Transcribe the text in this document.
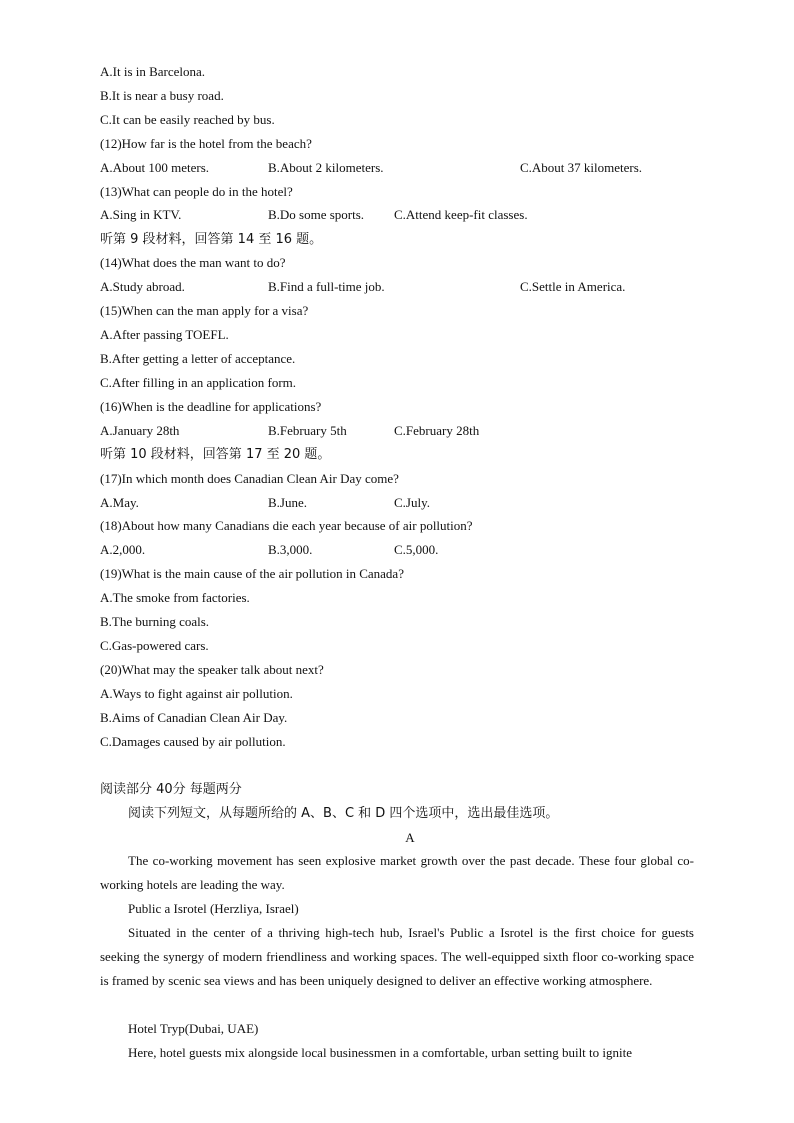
A.It is in Barcelona.
B.It is near a busy road.
C.It can be easily reached by bus.
(12)How far is the hotel from the beach?
A.About 100 meters.	B.About 2 kilometers.	C.About 37 kilometers.
(13)What can people do in the hotel?
A.Sing in KTV.	B.Do some sports. C.Attend keep-fit classes.
听第 9 段材料，回答第 14 至 16 题。
(14)What does the man want to do?
A.Study abroad.	B.Find a full-time job.	C.Settle in America.
(15)When can the man apply for a visa?
A.After passing TOEFL.
B.After getting a letter of acceptance.
C.After filling in an application form.
(16)When is the deadline for applications?
A.January 28th	B.February 5th	C.February 28th
听第 10 段材料，回答第 17 至 20 题。
(17)In which month does Canadian Clean Air Day come?
A.May.	B.June.	C.July.
(18)About how many Canadians die each year because of air pollution?
A.2,000.	B.3,000.	C.5,000.
(19)What is the main cause of the air pollution in Canada?
A.The smoke from factories.
B.The burning coals.
C.Gas-powered cars.
(20)What may the speaker talk about next?
A.Ways to fight against air pollution.
B.Aims of Canadian Clean Air Day.
C.Damages caused by air pollution.
阅读部分 40分 每题两分
阅读下列短文，从每题所给的 A、B、C 和 D 四个选项中，选出最佳选项。
A
The co-working movement has seen explosive market growth over the past decade. These four global co-working hotels are leading the way.
Public a Isrotel (Herzliya, Israel)
Situated in the center of a thriving high-tech hub, Israel's Public a Isrotel is the first choice for guests seeking the synergy of modern friendliness and working spaces. The well-equipped sixth floor co-working space is framed by scenic sea views and has been uniquely designed to deliver an effective working atmosphere.
Hotel Tryp(Dubai, UAE)
Here, hotel guests mix alongside local businessmen in a comfortable, urban setting built to ignite
